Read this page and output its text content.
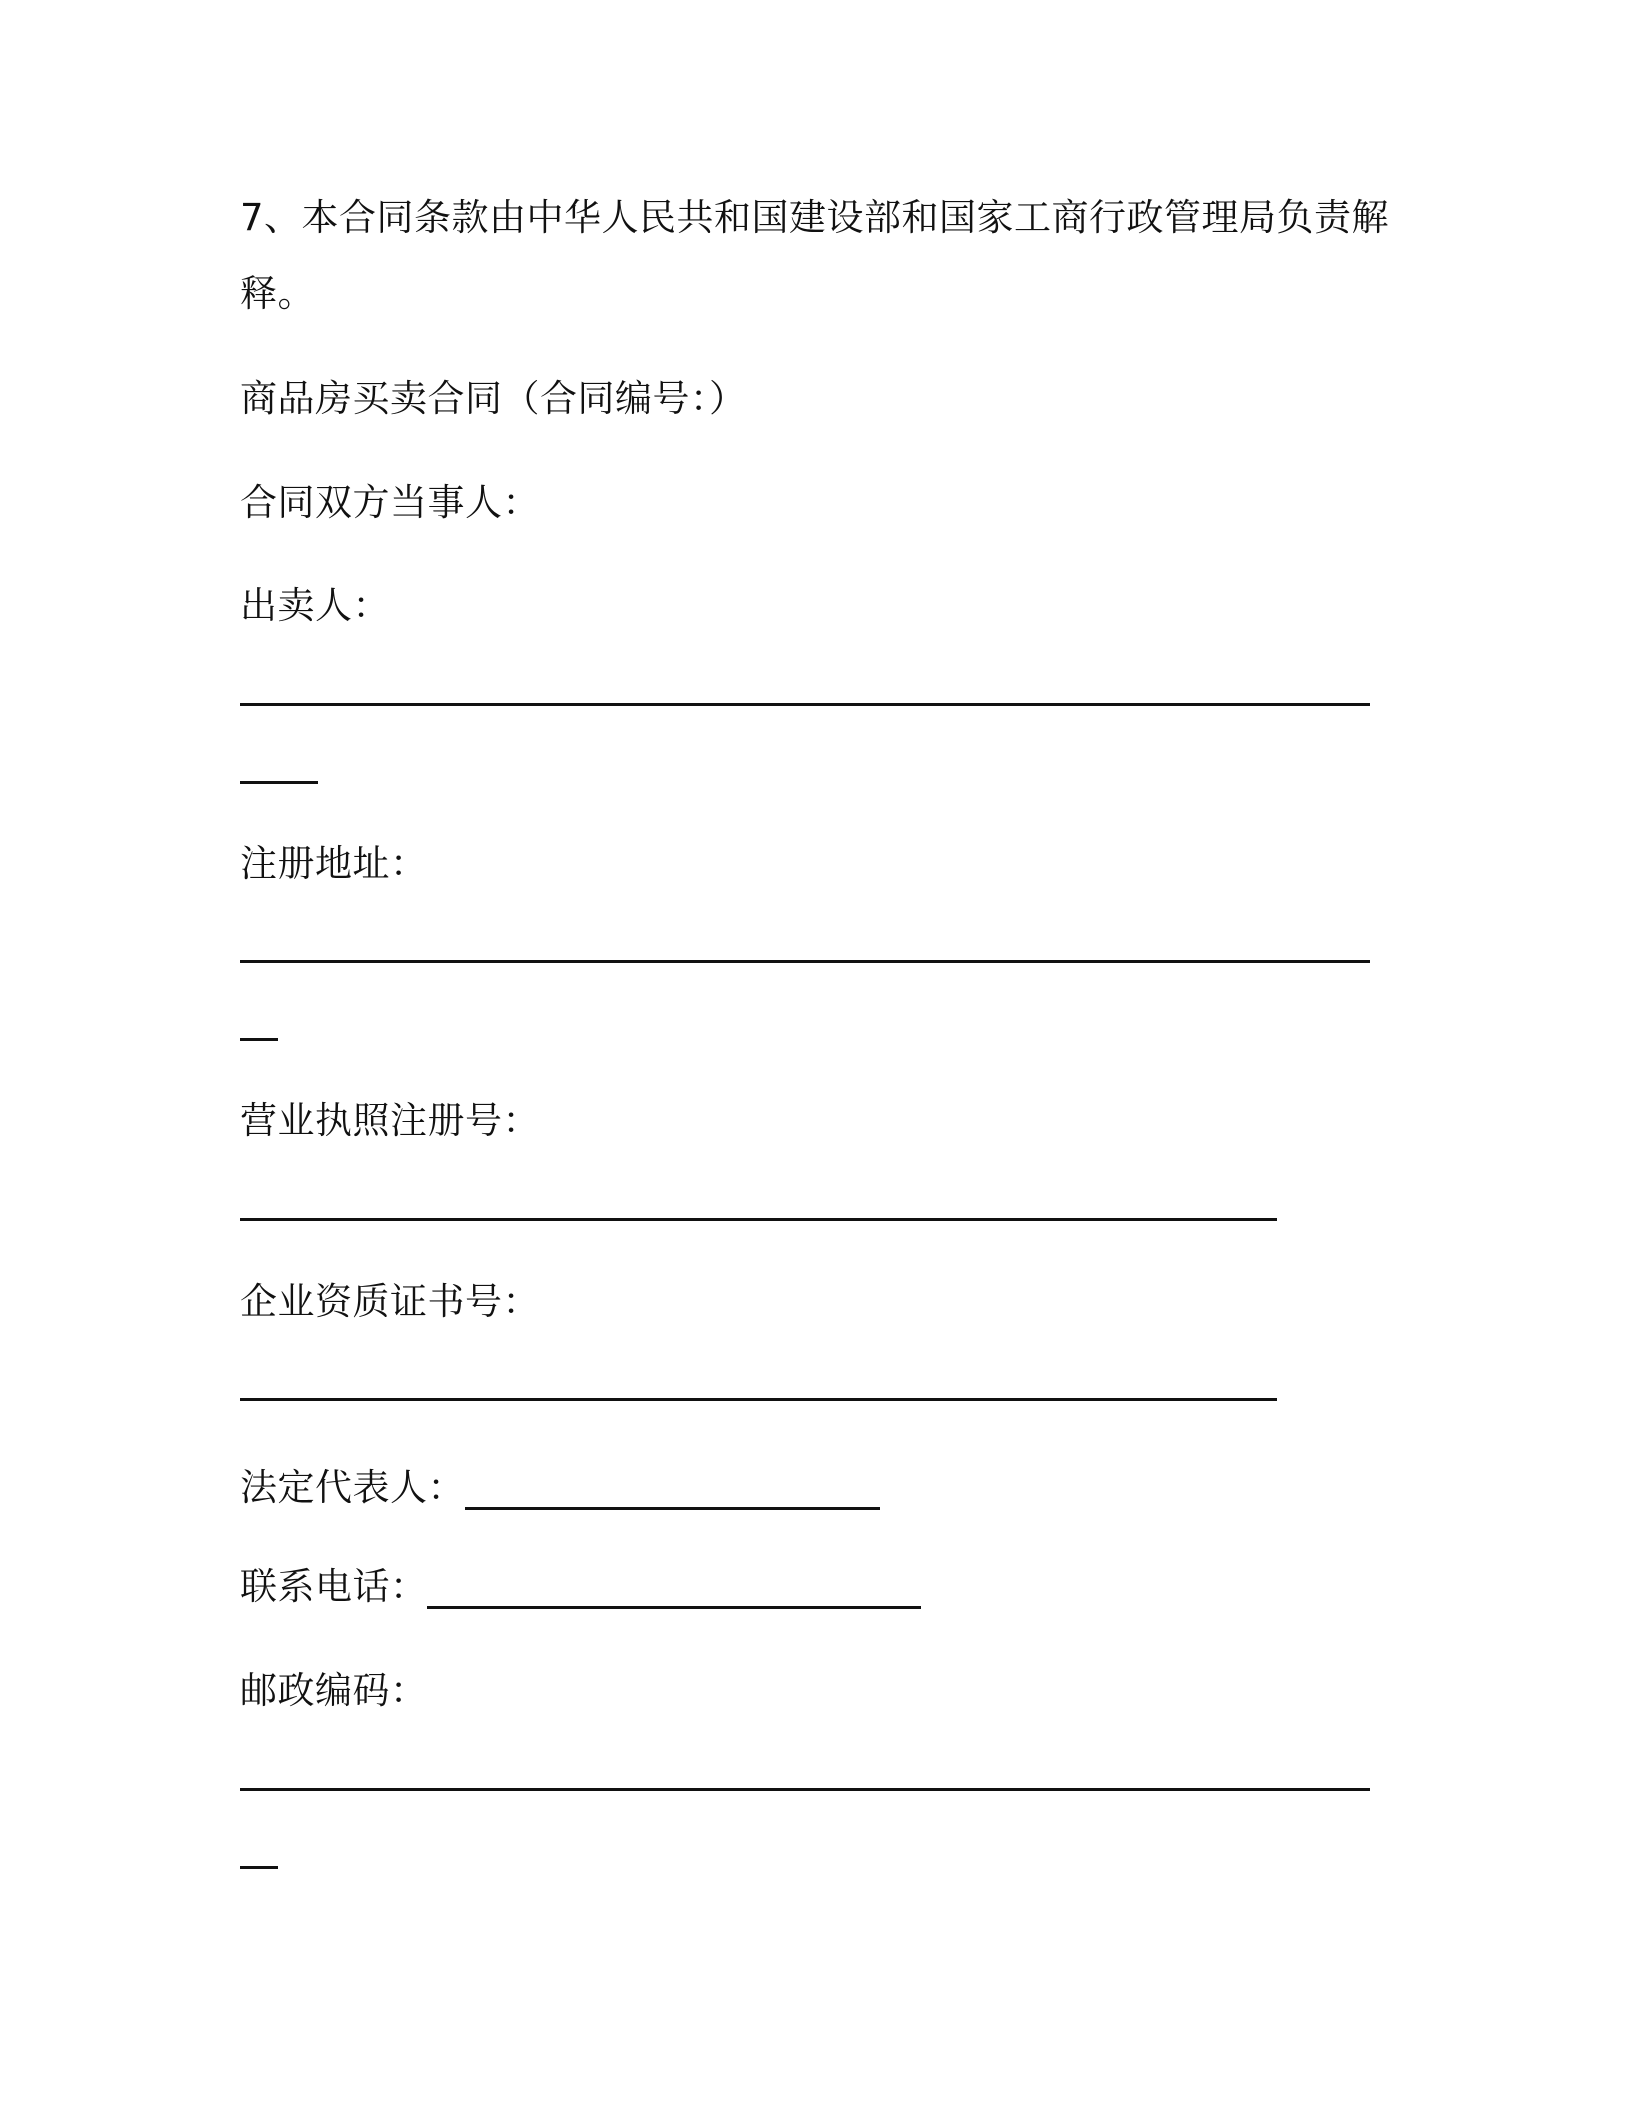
7、本合同条款由中华人民共和国建设部和国家工商行政管理局负责解
释。
商品房买卖合同（合同编号：）
合同双方当事人：
出卖人：
注册地址：
营业执照注册号：
企业资质证书号：
法定代表人：
联系电话：
邮政编码：
